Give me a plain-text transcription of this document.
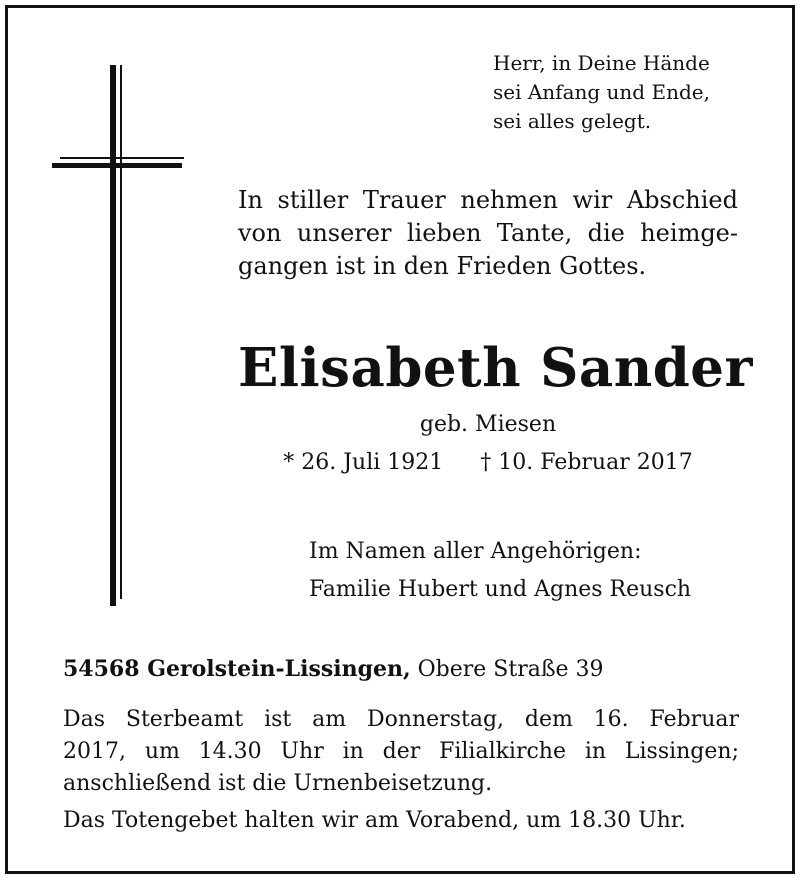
Herr, in Deine Hände
sei Anfang und Ende,
sei alles gelegt.
In stiller Trauer nehmen wir Abschied
von unserer lieben Tante, die heimge-
gangen ist in den Frieden Gottes.
Elisabeth Sander
geb. Miesen
* 26. Juli 1921 † 10. Februar 2017
Im Namen aller Angehörigen:
Familie Hubert und Agnes Reusch
54568 Gerolstein-Lissingen, Obere Straße 39
Das Sterbeamt ist am Donnerstag, dem 16. Februar
2017, um 14.30 Uhr in der Filialkirche in Lissingen;
anschließend ist die Urnenbeisetzung.
Das Totengebet halten wir am Vorabend, um 18.30 Uhr.
